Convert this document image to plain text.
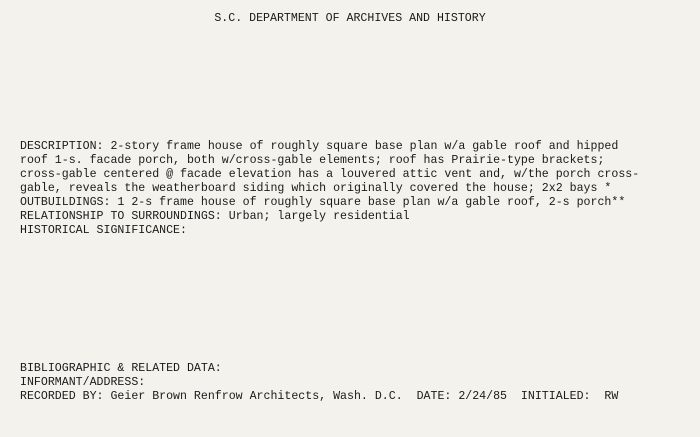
S.C. DEPARTMENT OF ARCHIVES AND HISTORY

DESCRIPTION: 2-story frame house of roughly square base plan w/a gable roof and hipped
roof 1-s. facade porch, both w/cross-gable elements; roof has Prairie-type brackets;
cross-gable centered @ facade elevation has a louvered attic vent and, w/the porch cross-
gable, reveals the weatherboard siding which originally covered the house; 2x2 bays *
OUTBUILDINGS: 1 2-s frame house of roughly square base plan w/a gable roof, 2-s porch**
RELATIONSHIP TO SURROUNDINGS: Urban; largely residential
HISTORICAL SIGNIFICANCE:

BIBLIOGRAPHIC & RELATED DATA:
INFORMANT/ADDRESS:
RECORDED BY: Geier Brown Renfrow Architects, Wash. D.C.  DATE: 2/24/85  INITIALED:  RW
